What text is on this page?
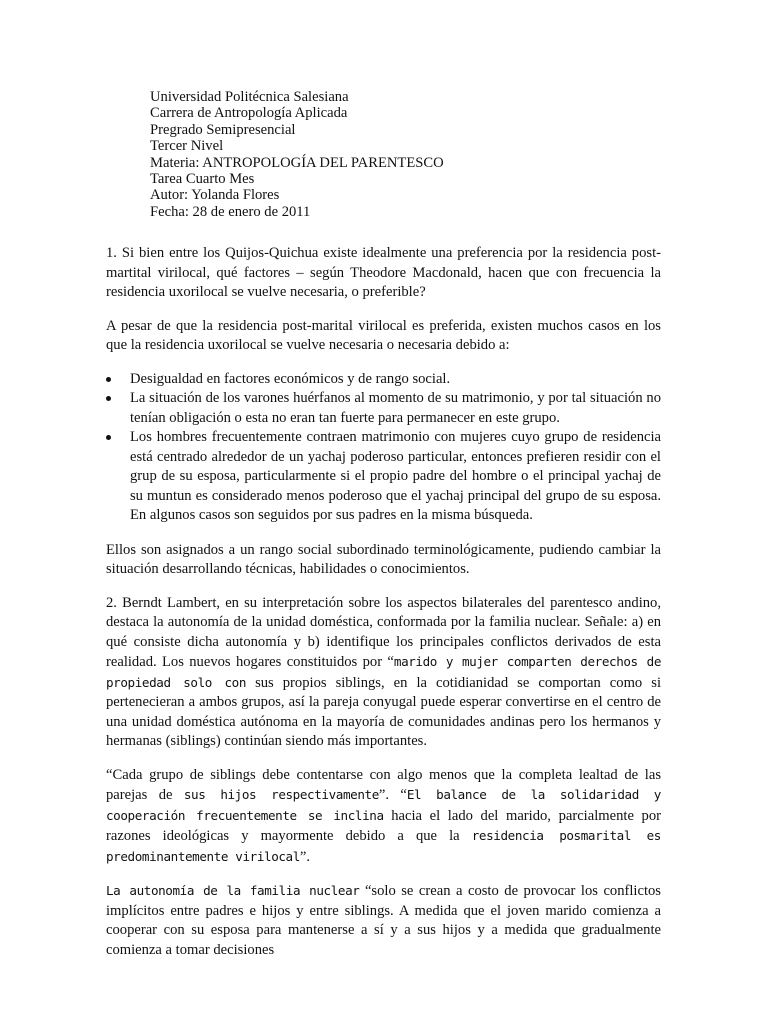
Universidad Politécnica Salesiana
Carrera de Antropología Aplicada
Pregrado Semipresencial
Tercer Nivel
Materia: ANTROPOLOGÍA DEL PARENTESCO
Tarea Cuarto Mes
Autor: Yolanda Flores
Fecha: 28 de enero de 2011

1. Si bien entre los Quijos-Quichua existe idealmente una preferencia por la residencia post-martital virilocal, qué factores – según Theodore Macdonald, hacen que con frecuencia la residencia uxorilocal se vuelve necesaria, o preferible?

A pesar de que la residencia post-marital virilocal es preferida, existen muchos casos en los que la residencia uxorilocal se vuelve necesaria o necesaria debido a:

Desigualdad en factores económicos y de rango social.
La situación de los varones huérfanos al momento de su matrimonio, y por tal situación no tenían obligación o esta no eran tan fuerte para permanecer en este grupo.
Los hombres frecuentemente contraen matrimonio con mujeres cuyo grupo de residencia está centrado alrededor de un yachaj poderoso particular, entonces prefieren residir con el grup de su esposa, particularmente si el propio padre del hombre o el principal yachaj de su muntun es considerado menos poderoso que el yachaj principal del grupo de su esposa. En algunos casos son seguidos por sus padres en la misma búsqueda.

Ellos son asignados a un rango social subordinado terminológicamente, pudiendo cambiar la situación desarrollando técnicas, habilidades o conocimientos.

2. Berndt Lambert, en su interpretación sobre los aspectos bilaterales del parentesco andino, destaca la autonomía de la unidad doméstica, conformada por la familia nuclear. Señale: a) en qué consiste dicha autonomía y b) identifique los principales conflictos derivados de esta realidad. Los nuevos hogares constituidos por “marido y mujer comparten derechos de propiedad solo con sus propios siblings, en la cotidianidad se comportan como si pertenecieran a ambos grupos, así la pareja conyugal puede esperar convertirse en el centro de una unidad doméstica autónoma en la mayoría de comunidades andinas pero los hermanos y hermanas (siblings) continúan siendo más importantes.

“Cada grupo de siblings debe contentarse con algo menos que la completa lealtad de las parejas de sus hijos respectivamente”. “El balance de la solidaridad y cooperación frecuentemente se inclina hacia el lado del marido, parcialmente por razones ideológicas y mayormente debido a que la residencia posmarital es predominantemente virilocal”.

La autonomía de la familia nuclear “solo se crean a costo de provocar los conflictos implícitos entre padres e hijos y entre siblings. A medida que el joven marido comienza a cooperar con su esposa para mantenerse a sí y a sus hijos y a medida que gradualmente comienza a tomar decisiones
